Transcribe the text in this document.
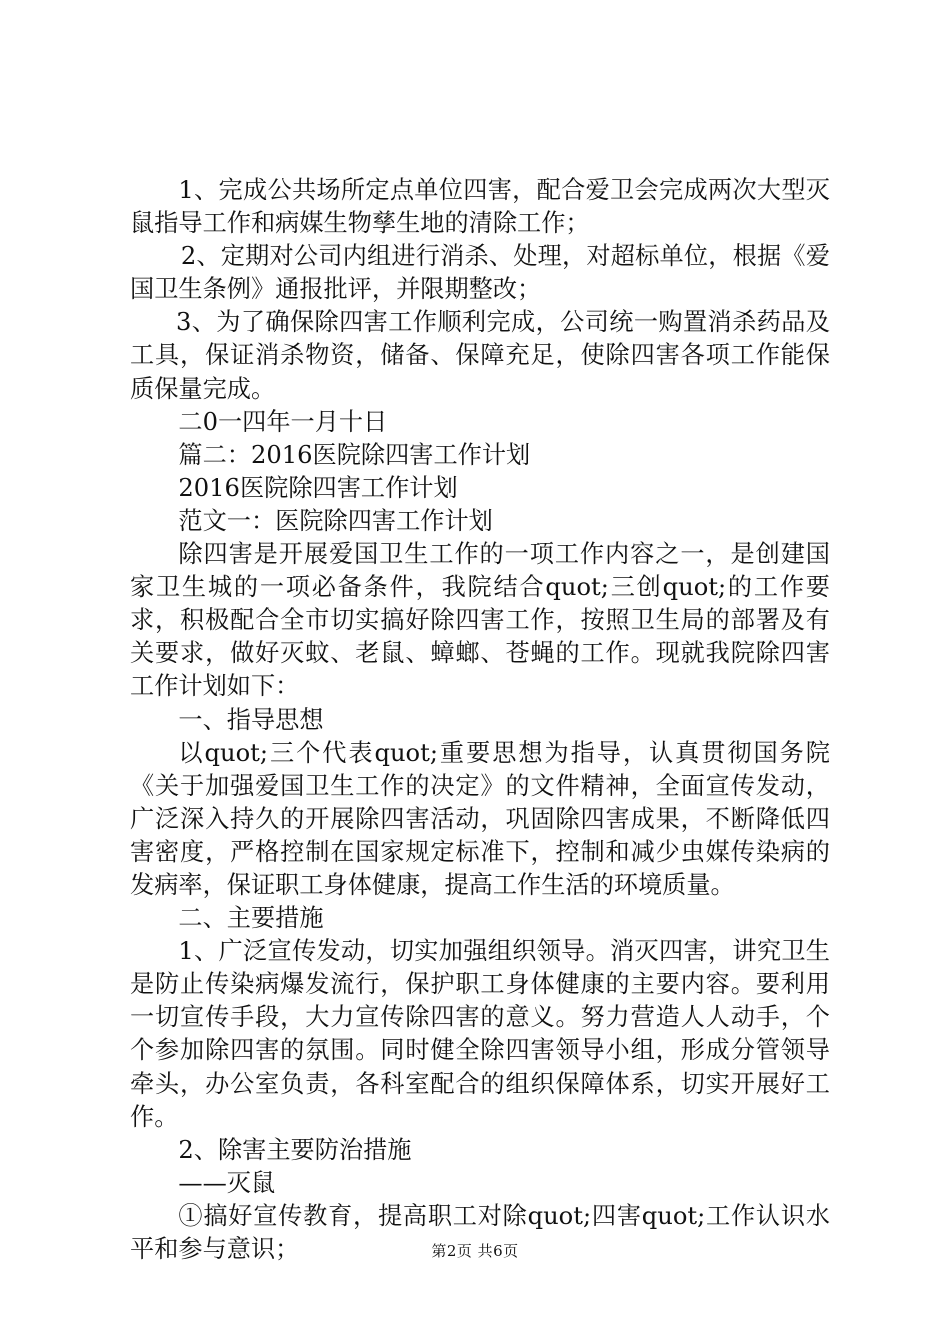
1、完成公共场所定点单位四害，配合爱卫会完成两次大型灭鼠指导工作和病媒生物孳生地的清除工作；

2、定期对公司内组进行消杀、处理，对超标单位，根据《爱国卫生条例》通报批评，并限期整改；

3、为了确保除四害工作顺利完成，公司统一购置消杀药品及工具，保证消杀物资，储备、保障充足，使除四害各项工作能保质保量完成。

二0一四年一月十日

篇二：2016医院除四害工作计划

2016医院除四害工作计划

范文一：医院除四害工作计划

除四害是开展爱国卫生工作的一项工作内容之一，是创建国家卫生城的一项必备条件，我院结合quot;三创quot;的工作要求，积极配合全市切实搞好除四害工作，按照卫生局的部署及有关要求，做好灭蚊、老鼠、蟑螂、苍蝇的工作。现就我院除四害工作计划如下：

一、指导思想

以quot;三个代表quot;重要思想为指导，认真贯彻国务院《关于加强爱国卫生工作的决定》的文件精神，全面宣传发动，广泛深入持久的开展除四害活动，巩固除四害成果，不断降低四害密度，严格控制在国家规定标准下，控制和减少虫媒传染病的发病率，保证职工身体健康，提高工作生活的环境质量。

二、主要措施

1、广泛宣传发动，切实加强组织领导。消灭四害，讲究卫生是防止传染病爆发流行，保护职工身体健康的主要内容。要利用一切宣传手段，大力宣传除四害的意义。努力营造人人动手，个个参加除四害的氛围。同时健全除四害领导小组，形成分管领导牵头，办公室负责，各科室配合的组织保障体系，切实开展好工作。

2、除害主要防治措施

——灭鼠

①搞好宣传教育，提高职工对除quot;四害quot;工作认识水平和参与意识；	第2页 共6页
